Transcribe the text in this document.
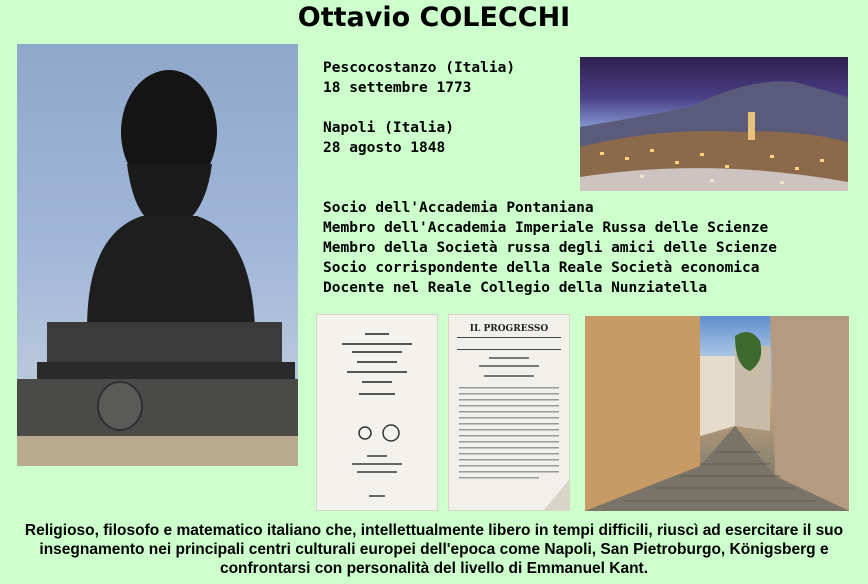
Ottavio COLECCHI
IL PROGRESSO
Pescocostanzo (Italia)
18 settembre 1773
Napoli (Italia)
28 agosto 1848
Socio dell'Accademia Pontaniana
Membro dell'Accademia Imperiale Russa delle Scienze
Membro della Società russa degli amici delle Scienze
Socio corrispondente della Reale Società economica
Docente nel Reale Collegio della Nunziatella
Religioso, filosofo e matematico italiano che, intellettualmente libero in tempi difficili, riuscì ad esercitare il suo insegnamento nei principali centri culturali europei dell'epoca come Napoli, San Pietroburgo, Königsberg e confrontarsi con personalità del livello di Emmanuel Kant.
